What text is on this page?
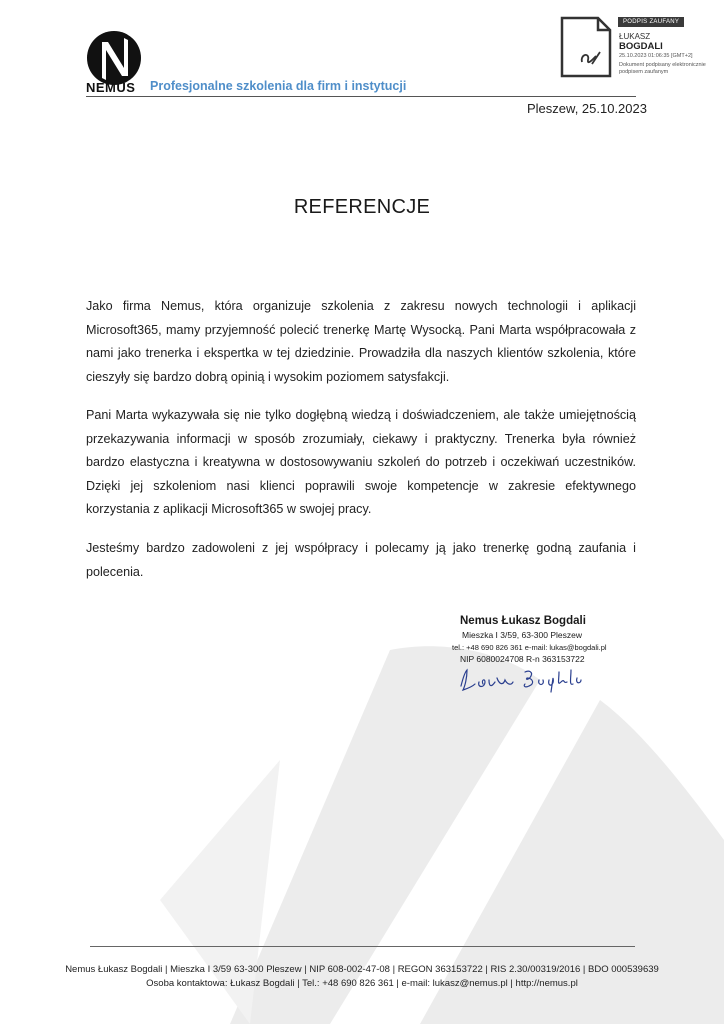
NEMUS Profesjonalne szkolenia dla firm i instytucji
PODPIS ZAUFANY
ŁUKASZ
BOGDALI
25.10.2023 01:06:35 [GMT+2]
Dokument podpisany elektronicznie podpisem zaufanym
Pleszew, 25.10.2023
REFERENCJE

Jako firma Nemus, która organizuje szkolenia z zakresu nowych technologii i aplikacji Microsoft365, mamy przyjemność polecić trenerkę Martę Wysocką. Pani Marta współpracowała z nami jako trenerka i ekspertka w tej dziedzinie. Prowadziła dla naszych klientów szkolenia, które cieszyły się bardzo dobrą opinią i wysokim poziomem satysfakcji.

Pani Marta wykazywała się nie tylko dogłębną wiedzą i doświadczeniem, ale także umiejętnością przekazywania informacji w sposób zrozumiały, ciekawy i praktyczny. Trenerka była również bardzo elastyczna i kreatywna w dostosowywaniu szkoleń do potrzeb i oczekiwań uczestników. Dzięki jej szkoleniom nasi klienci poprawili swoje kompetencje w zakresie efektywnego korzystania z aplikacji Microsoft365 w swojej pracy.

Jesteśmy bardzo zadowoleni z jej współpracy i polecamy ją jako trenerkę godną zaufania i polecenia.

Nemus Łukasz Bogdali
Mieszka I 3/59, 63-300 Pleszew
tel.: +48 690 826 361 e-mail: lukas@bogdali.pl
NIP 6080024708 R-n 363153722
Nemus Łukasz Bogdali | Mieszka I 3/59 63-300 Pleszew | NIP 608-002-47-08 | REGON 363153722 | RIS 2.30/00319/2016 | BDO 000539639
Osoba kontaktowa: Łukasz Bogdali | Tel.: +48 690 826 361 | e-mail: lukasz@nemus.pl | http://nemus.pl
